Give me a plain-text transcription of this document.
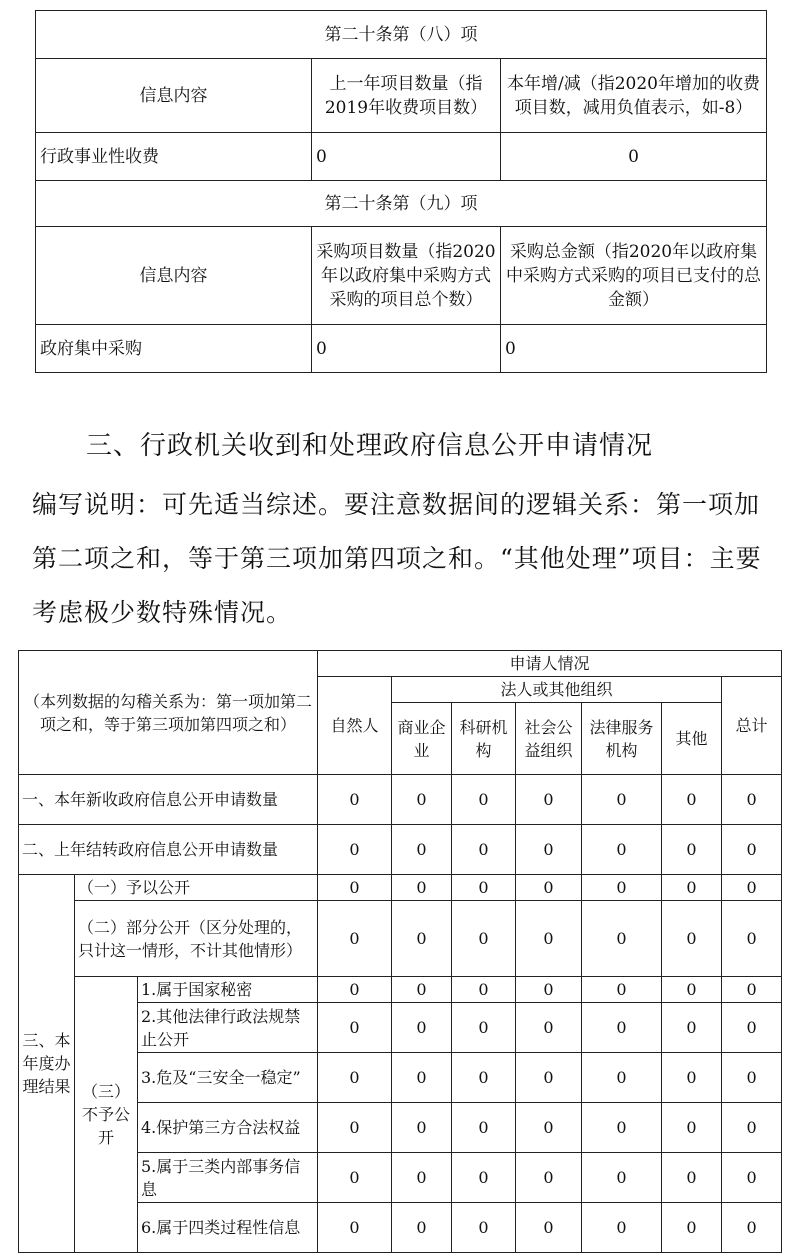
第二十条第（八）项		
信息内容	上一年项目数量（指2019年收费项目数）	本年增/减（指2020年增加的收费项目数，减用负值表示，如-8）
行政事业性收费	0	0
第二十条第（九）项		
信息内容	采购项目数量（指2020年以政府集中采购方式采购的项目总个数）	采购总金额（指2020年以政府集中采购方式采购的项目已支付的总金额）
政府集中采购	0	0
三、行政机关收到和处理政府信息公开申请情况

编写说明：可先适当综述。要注意数据间的逻辑关系：第一项加第二项之和，等于第三项加第四项之和。“其他处理”项目：主要考虑极少数特殊情况。

（本列数据的勾稽关系为：第一项加第二项之和，等于第三项加第四项之和）			申请人情况						
			自然人	法人或其他组织					总计
				商业企业	科研机构	社会公益组织	法律服务机构	其他	
一、本年新收政府信息公开申请数量			0	0	0	0	0	0	0
二、上年结转政府信息公开申请数量			0	0	0	0	0	0	0
三、本年度办理结果	（一）予以公开		0	0	0	0	0	0	0
	（二）部分公开（区分处理的，只计这一情形，不计其他情形）		0	0	0	0	0	0	0
	（三）不予公开	1.属于国家秘密	0	0	0	0	0	0	0
		2.其他法律行政法规禁止公开	0	0	0	0	0	0	0
		3.危及“三安全一稳定”	0	0	0	0	0	0	0
		4.保护第三方合法权益	0	0	0	0	0	0	0
		5.属于三类内部事务信息	0	0	0	0	0	0	0
		6.属于四类过程性信息	0	0	0	0	0	0	0
